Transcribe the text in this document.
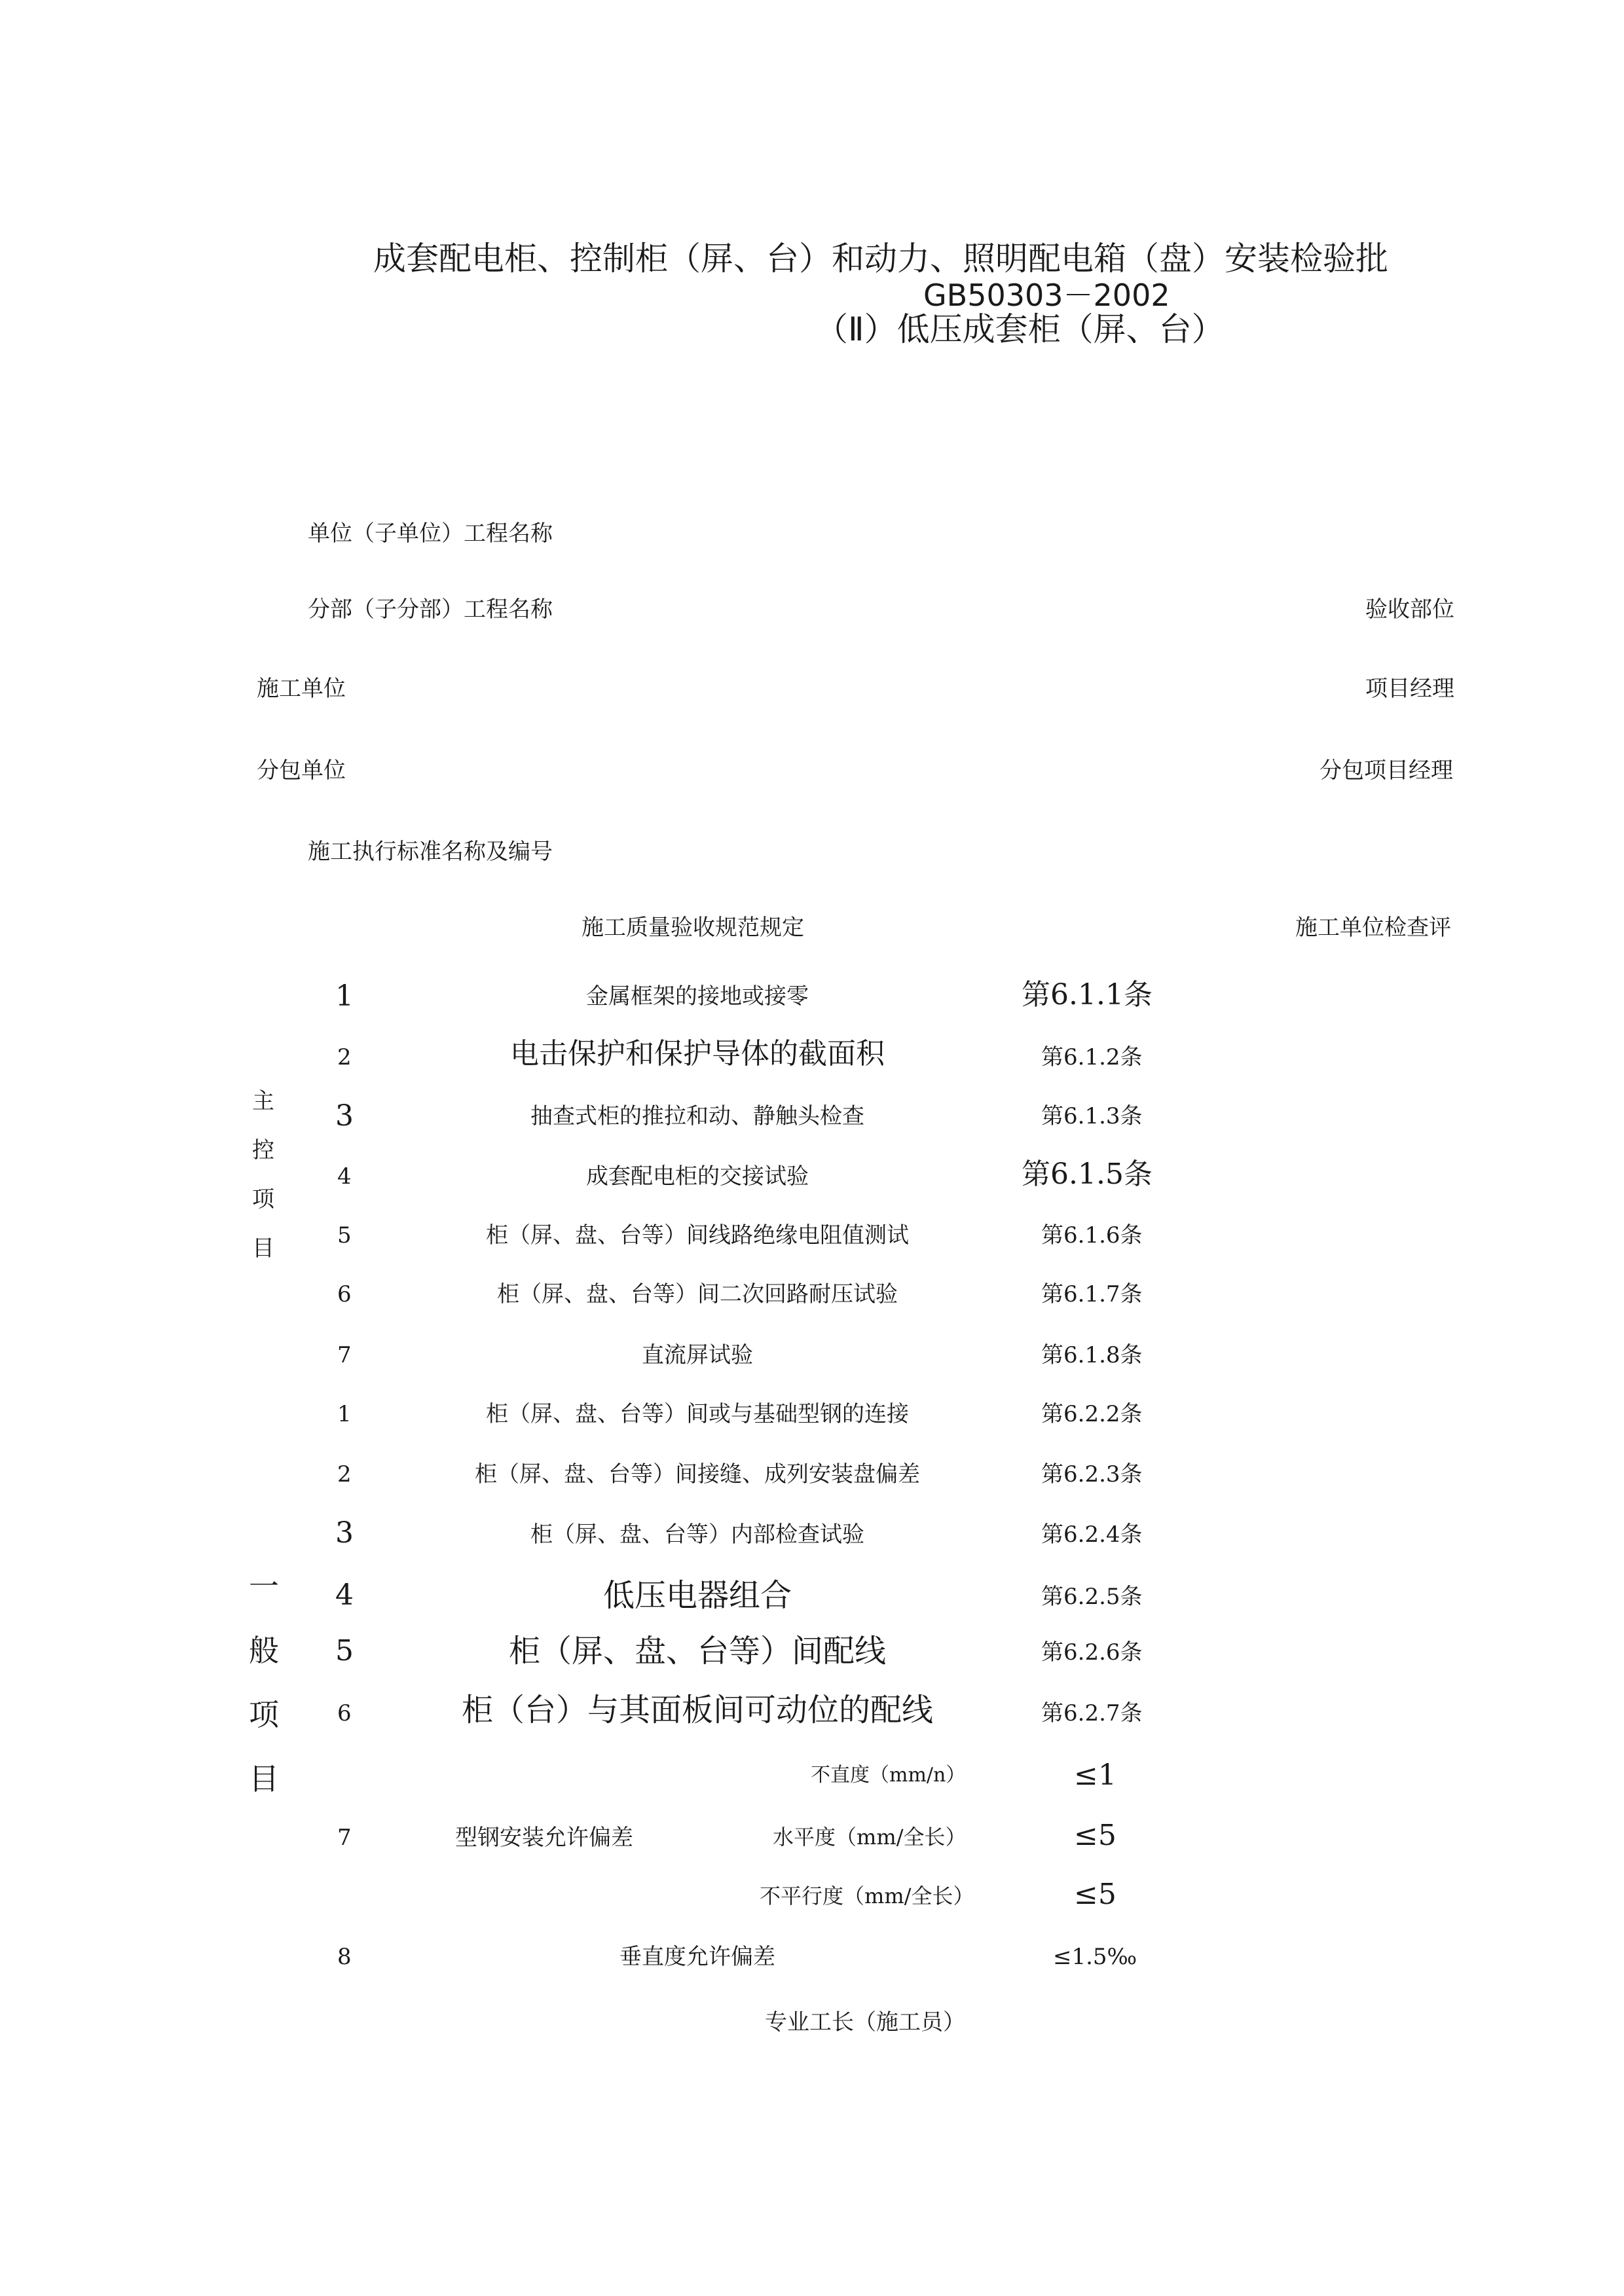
成套配电柜、控制柜（屏、台）和动力、照明配电箱（盘）安装检验批
GB50303－2002
（Ⅱ）低压成套柜（屏、台）
单位（子单位）工程名称
分部（子分部）工程名称	验收部位
施工单位	项目经理
分包单位	分包项目经理
施工执行标准名称及编号
施工质量验收规范规定	施工单位检查评
主
控
项
目
1	金属框架的接地或接零	第6.1.1条
2	电击保护和保护导体的截面积	第6.1.2条
3	抽查式柜的推拉和动、静触头检查	第6.1.3条
4	成套配电柜的交接试验	第6.1.5条
5	柜（屏、盘、台等）间线路绝缘电阻值测试	第6.1.6条
6	柜（屏、盘、台等）间二次回路耐压试验	第6.1.7条
7	直流屏试验	第6.1.8条
一
般
项
目
1	柜（屏、盘、台等）间或与基础型钢的连接	第6.2.2条
2	柜（屏、盘、台等）间接缝、成列安装盘偏差	第6.2.3条
3	柜（屏、盘、台等）内部检查试验	第6.2.4条
4	低压电器组合	第6.2.5条
5	柜（屏、盘、台等）间配线	第6.2.6条
6	柜（台）与其面板间可动位的配线	第6.2.7条
不直度（mm/n）	≤1
7	型钢安装允许偏差	水平度（mm/全长）	≤5
不平行度（mm/全长）	≤5
8	垂直度允许偏差	≤1.5‰
专业工长（施工员）
